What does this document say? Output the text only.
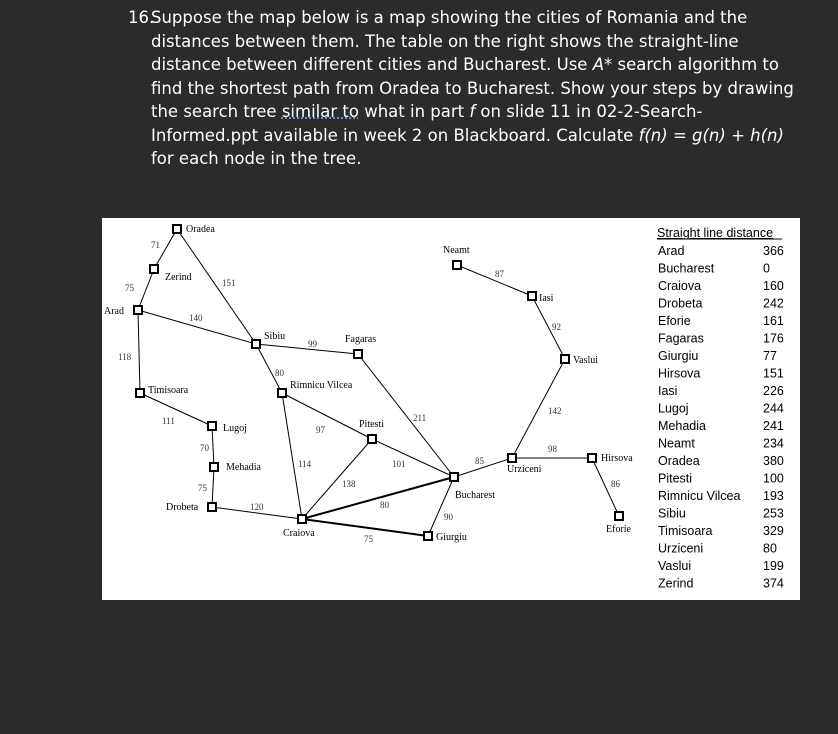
16.Suppose the map below is a map showing the cities of Romania and the
distances between them. The table on the right shows the straight-line
distance between different cities and Bucharest. Use A* search algorithm to
find the shortest path from Oradea to Bucharest. Show your steps by drawing
the search tree similar to what in part f on slide 11 in 02-2-Search-
Informed.ppt available in week 2 on Blackboard. Calculate f(n) = g(n) + h(n)
for each node in the tree.
Oradea
Zerind
Arad
Sibiu
Timisoara
Lugoj
Mehadia
Drobeta
Craiova
Rimnicu Vilcea
Fagaras
Pitesti
Bucharest
Giurgiu
Urziceni
Neamt
Iasi
Vaslui
Hirsova
Eforie
71
75	151
140
118
111
70
75
120
99
80
97
114
138
211
101
80
90
85
98
86
142
92
87
75
Straight line distance
Arad	366
Bucharest	0
Craiova	160
Drobeta	242
Eforie	161
Fagaras	176
Giurgiu	77
Hirsova	151
Iasi	226
Lugoj	244
Mehadia	241
Neamt	234
Oradea	380
Pitesti	100
Rimnicu Vilcea 193
Sibiu	253
Timisoara	329
Urziceni	80
Vaslui	199
Zerind	374
